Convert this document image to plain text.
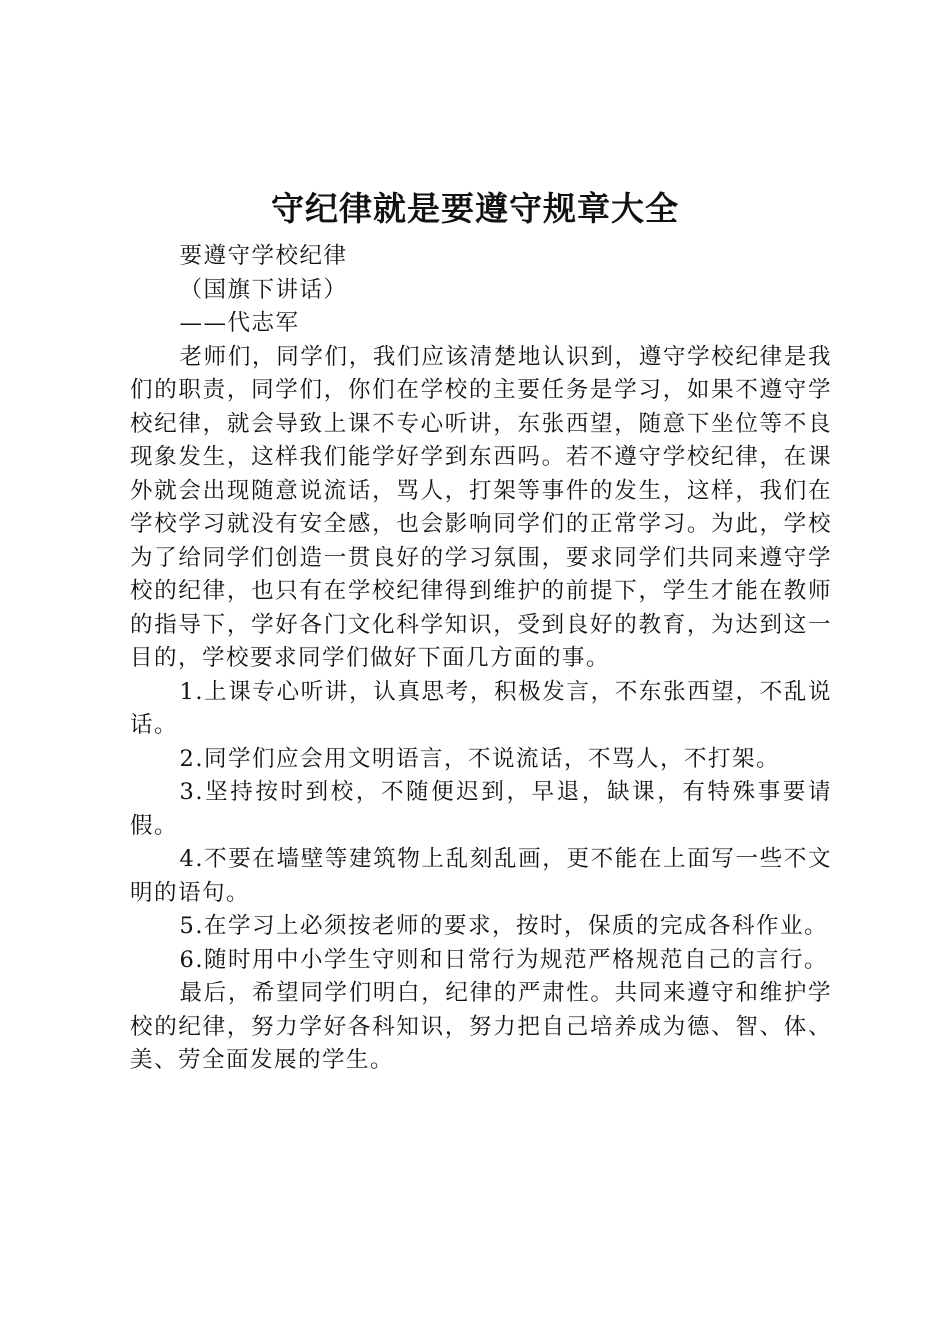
守纪律就是要遵守规章大全

要遵守学校纪律

（国旗下讲话）

——代志军

老师们，同学们，我们应该清楚地认识到，遵守学校纪律是我们的职责，同学们，你们在学校的主要任务是学习，如果不遵守学校纪律，就会导致上课不专心听讲，东张西望，随意下坐位等不良现象发生，这样我们能学好学到东西吗。若不遵守学校纪律，在课外就会出现随意说流话，骂人，打架等事件的发生，这样，我们在学校学习就没有安全感，也会影响同学们的正常学习。为此，学校为了给同学们创造一贯良好的学习氛围，要求同学们共同来遵守学校的纪律，也只有在学校纪律得到维护的前提下，学生才能在教师的指导下，学好各门文化科学知识，受到良好的教育，为达到这一目的，学校要求同学们做好下面几方面的事。

1.上课专心听讲，认真思考，积极发言，不东张西望，不乱说话。

2.同学们应会用文明语言，不说流话，不骂人，不打架。

3.坚持按时到校，不随便迟到，早退，缺课，有特殊事要请假。

4.不要在墙壁等建筑物上乱刻乱画，更不能在上面写一些不文明的语句。

5.在学习上必须按老师的要求，按时，保质的完成各科作业。

6.随时用中小学生守则和日常行为规范严格规范自己的言行。

最后，希望同学们明白，纪律的严肃性。共同来遵守和维护学校的纪律，努力学好各科知识，努力把自己培养成为德、智、体、美、劳全面发展的学生。
